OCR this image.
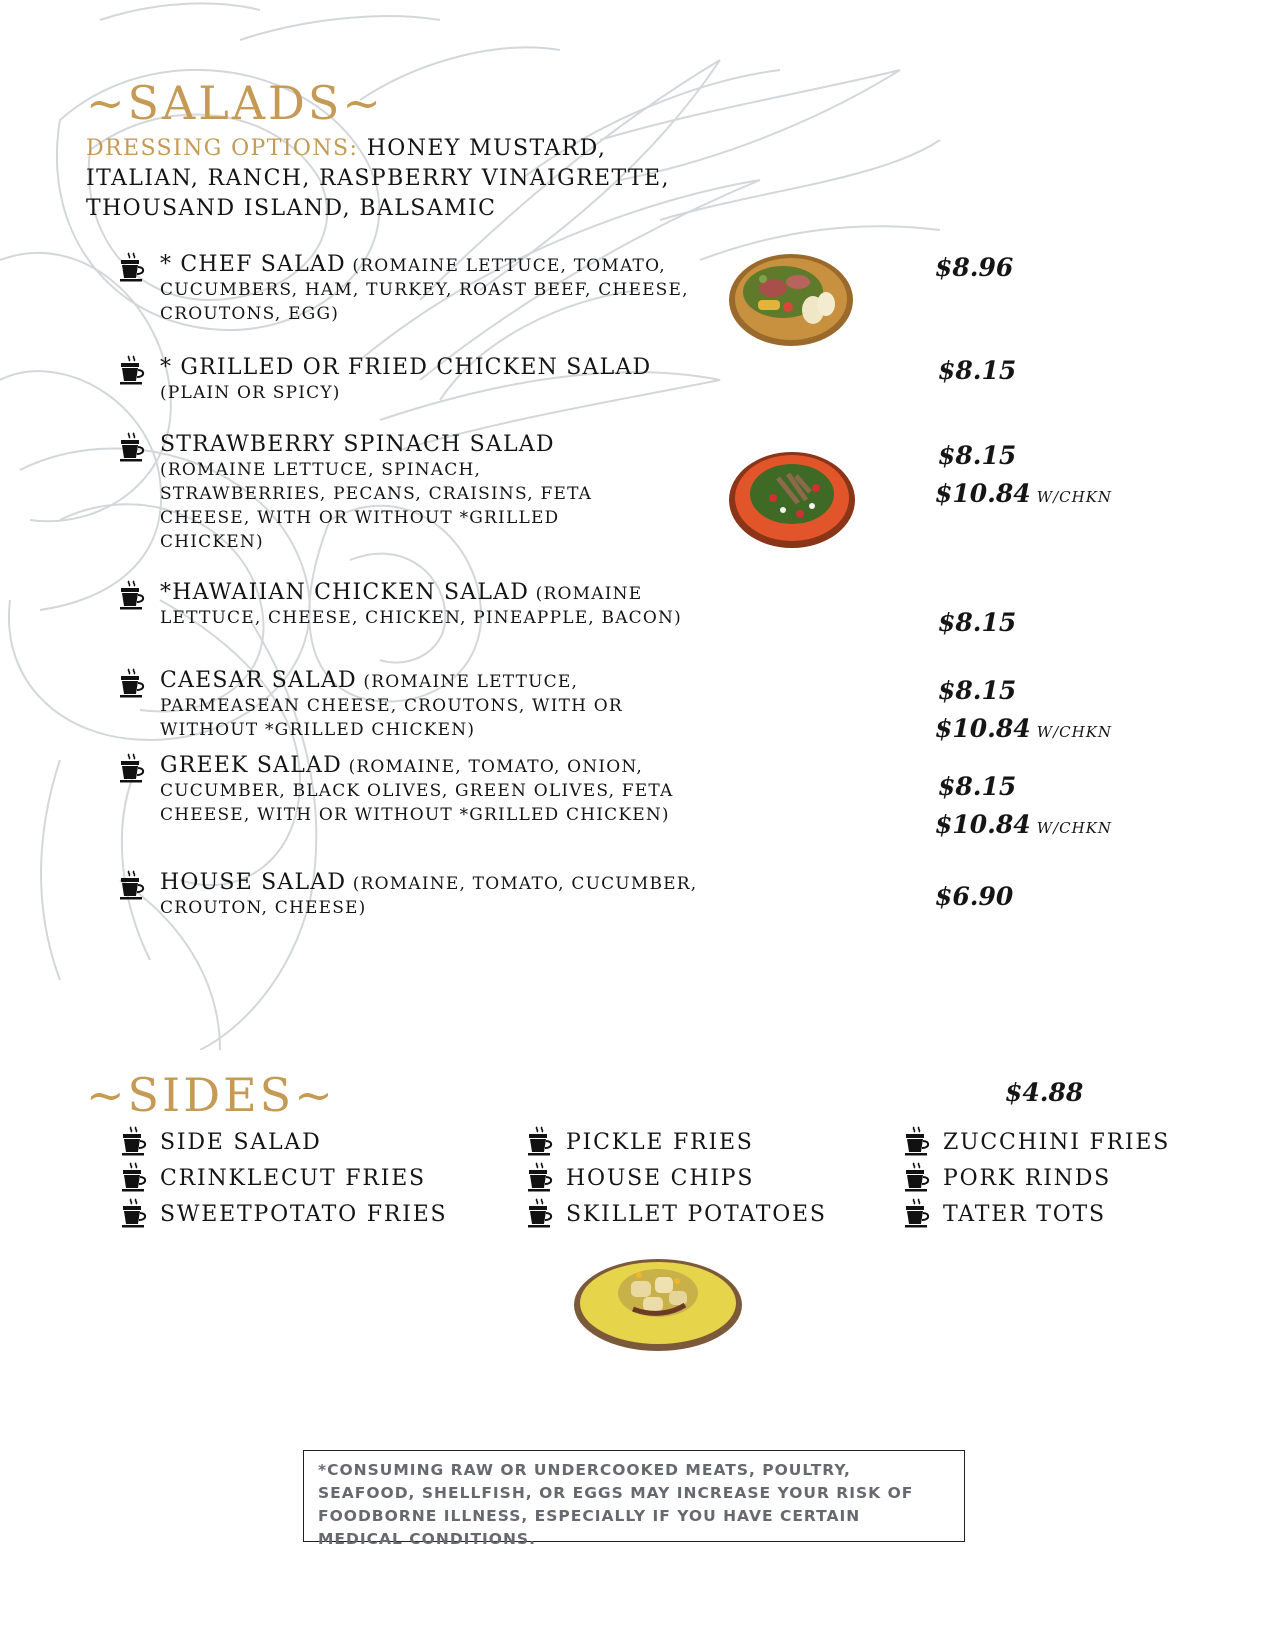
~SALADS~
DRESSING OPTIONS: HONEY MUSTARD, ITALIAN, RANCH, RASPBERRY VINAIGRETTE, THOUSAND ISLAND, BALSAMIC
* CHEF SALAD (ROMAINE LETTUCE, TOMATO, CUCUMBERS, HAM, TURKEY, ROAST BEEF, CHEESE, CROUTONS, EGG)
* GRILLED OR FRIED CHICKEN SALAD
(PLAIN OR SPICY)
STRAWBERRY SPINACH SALAD
(ROMAINE LETTUCE, SPINACH, STRAWBERRIES, PECANS, CRAISINS, FETA CHEESE, WITH OR WITHOUT *GRILLED CHICKEN)
*HAWAIIAN CHICKEN SALAD (ROMAINE LETTUCE, CHEESE, CHICKEN, PINEAPPLE, BACON)
CAESAR SALAD (ROMAINE LETTUCE, PARMEASEAN CHEESE, CROUTONS, WITH OR WITHOUT *GRILLED CHICKEN)
GREEK SALAD (ROMAINE, TOMATO, ONION, CUCUMBER, BLACK OLIVES, GREEN OLIVES, FETA CHEESE, WITH OR WITHOUT *GRILLED CHICKEN)
HOUSE SALAD (ROMAINE, TOMATO, CUCUMBER, CROUTON, CHEESE)
$8.96
$8.15
$8.15
$10.84 W/CHKN
$8.15
$8.15
$10.84 W/CHKN
$8.15
$10.84 W/CHKN
$6.90
~SIDES~	$4.88
SIDE SALAD
CRINKLECUT FRIES
SWEETPOTATO FRIES
PICKLE FRIES
HOUSE CHIPS
SKILLET POTATOES
ZUCCHINI FRIES
PORK RINDS
TATER TOTS
*CONSUMING RAW OR UNDERCOOKED MEATS, POULTRY, SEAFOOD, SHELLFISH, OR EGGS MAY INCREASE YOUR RISK OF FOODBORNE ILLNESS, ESPECIALLY IF YOU HAVE CERTAIN MEDICAL CONDITIONS.
